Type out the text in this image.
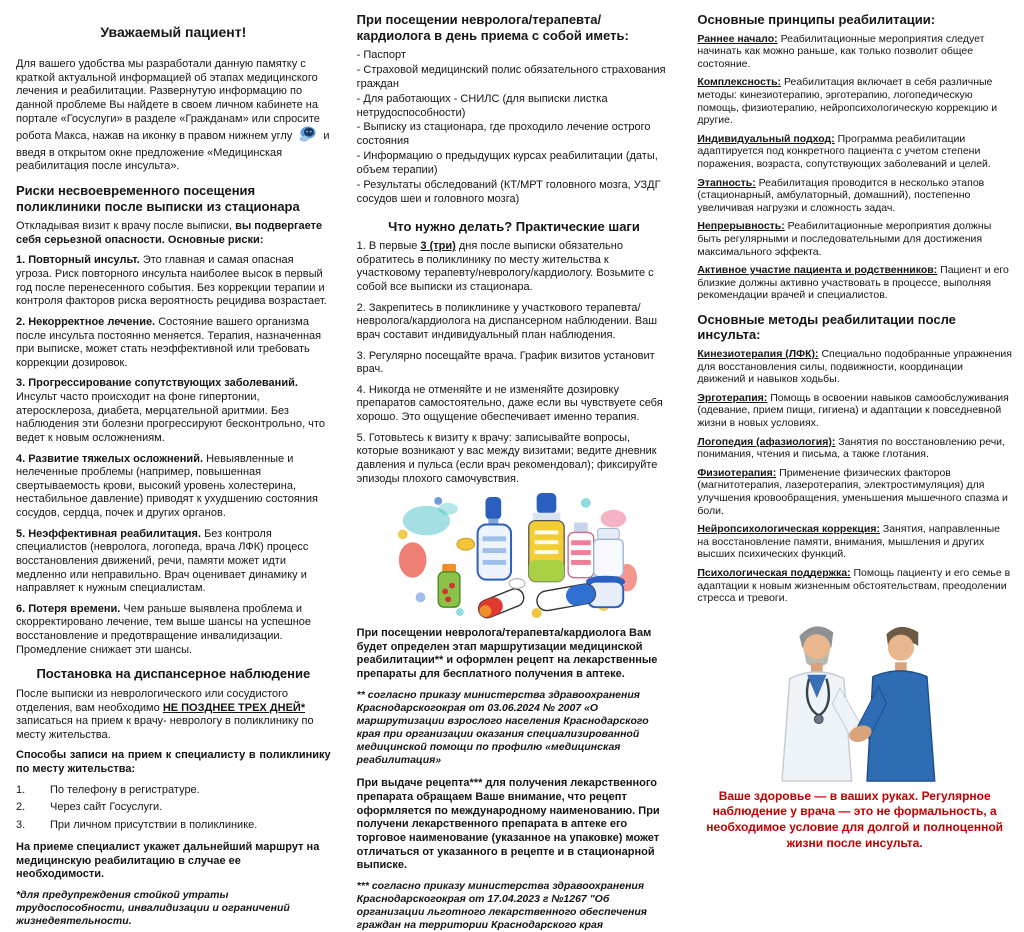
Уважаемый пациент!

Для вашего удобства мы разработали данную памятку с краткой актуальной информацией об этапах медицинского лечения и реабилитации. Развернутую информацию по данной проблеме Вы найдете в своем личном кабинете на портале «Госуслуги» в разделе «Гражданам» или спросите робота Макса, нажав на иконку в правом нижнем углу	и введя в открытом окне предложение «Медицинская реабилитация после инсульта».

Риски несвоевременного посещения поликлиники после выписки из стационара

Откладывая визит к врачу после выписки, вы подвергаете себя серьезной опасности. Основные риски:

1. Повторный инсульт. Это главная и самая опасная угроза. Риск повторного инсульта наиболее высок в первый год после перенесенного события. Без коррекции терапии и контроля факторов риска вероятность рецидива возрастает.

2. Некорректное лечение. Состояние вашего организма после инсульта постоянно меняется. Терапия, назначенная при выписке, может стать неэффективной или требовать коррекции дозировок.

3. Прогрессирование сопутствующих заболеваний. Инсульт часто происходит на фоне гипертонии, атеросклероза, диабета, мерцательной аритмии. Без наблюдения эти болезни прогрессируют бесконтрольно, что ведет к новым осложнениям.

4. Развитие тяжелых осложнений. Невыявленные и нелеченные проблемы (например, повышенная свертываемость крови, высокий уровень холестерина, нестабильное давление) приводят к ухудшению состояния сосудов, сердца, почек и других органов.

5. Неэффективная реабилитация. Без контроля специалистов (невролога, логопеда, врача ЛФК) процесс восстановления движений, речи, памяти может идти медленно или неправильно. Врач оценивает динамику и направляет к нужным специалистам.

6. Потеря времени. Чем раньше выявлена проблема и скорректировано лечение, тем выше шансы на успешное восстановление и предотвращение инвалидизации. Промедление снижает эти шансы.

Постановка на диспансерное наблюдение

После выписки из неврологического или сосудистого отделения, вам необходимо НЕ ПОЗДНЕЕ ТРЕХ ДНЕЙ* записаться на прием к врачу- неврологу в поликлинику по месту жительства.

Способы записи на прием к специалисту в поликлинику по месту жительства:

1.	По телефону в регистратуре.
2.	Через сайт Госуслуги.
3.	При личном присутствии в поликлинике.

На приеме специалист укажет дальнейший маршрут на медицинскую реабилитацию в случае ее необходимости.

*для предупреждения стойкой утраты трудоспособности, инвалидизации и ограничений жизнедеятельности.

При посещении невролога/терапевта/кардиолога в день приема с собой иметь:

- Паспорт

- Страховой медицинский полис обязательного страхования граждан

- Для работающих - СНИЛС (для выписки листка нетрудоспособности)

- Выписку из стационара, где проходило лечение острого состояния

- Информацию о предыдущих курсах реабилитации (даты, объем терапии)

- Результаты обследований (КТ/МРТ головного мозга, УЗДГ сосудов шеи и головного мозга)

Что нужно делать? Практические шаги

1. В первые 3 (три) дня после выписки обязательно обратитесь в поликлинику по месту жительства к участковому терапевту/неврологу/кардиологу. Возьмите с собой все выписки из стационара.

2. Закрепитесь в поликлинике у участкового терапевта/невролога/кардиолога на диспансерном наблюдении. Ваш врач составит индивидуальный план наблюдения.

3. Регулярно посещайте врача. График визитов установит врач.

4. Никогда не отменяйте и не изменяйте дозировку препаратов самостоятельно, даже если вы чувствуете себя хорошо. Это ощущение обеспечивает именно терапия.

5. Готовьтесь к визиту к врачу: записывайте вопросы, которые возникают у вас между визитами; ведите дневник давления и пульса (если врач рекомендовал); фиксируйте эпизоды плохого самочувствия.

При посещении невролога/терапевта/кардиолога Вам будет определен этап маршрутизации медицинской реабилитации** и оформлен рецепт на лекарственные препараты для бесплатного получения в аптеке.

** согласно приказу министерства здравоохранения Краснодарскогокрая от 03.06.2024 № 2007 «О маршрутизации взрослого населения Краснодарского края при организации оказания специализированной медицинской помощи по профилю «медицинская реабилитация»

При выдаче рецепта*** для получения лекарственного препарата обращаем Ваше внимание, что рецепт оформляется по международному наименованию. При получени лекарственного препарата в аптеке его торговое наименование (указанное на упаковке) может отличаться от указанного в рецепте и в стационарной выписке.

*** согласно приказу министерства здравоохранения Краснодарскогокрая от 17.04.2023 г №1267 "Об организации льготного лекарственного обеспечения граждан на территории Краснодарского края

Основные принципы реабилитации:

Раннее начало: Реабилитационные мероприятия следует начинать как можно раньше, как только позволит общее состояние.

Комплексность: Реабилитация включает в себя различные методы: кинезиотерапию, эрготерапию, логопедическую помощь, физиотерапию, нейропсихологическую коррекцию и другие.

Индивидуальный подход: Программа реабилитации адаптируется под конкретного пациента с учетом степени поражения, возраста, сопутствующих заболеваний и целей.

Этапность: Реабилитация проводится в несколько этапов (стационарный, амбулаторный, домашний), постепенно увеличивая нагрузки и сложность задач.

Непрерывность: Реабилитационные мероприятия должны быть регулярными и последовательными для достижения максимального эффекта.

Активное участие пациента и родственников: Пациент и его близкие должны активно участвовать в процессе, выполняя рекомендации врачей и специалистов.

Основные методы реабилитации после инсульта:

Кинезиотерапия (ЛФК): Специально подобранные упражнения для восстановления силы, подвижности, координации движений и навыков ходьбы.

Эрготерапия: Помощь в освоении навыков самообслуживания (одевание, прием пищи, гигиена) и адаптации к повседневной жизни в новых условиях.

Логопедия (афазиология): Занятия по восстановлению речи, понимания, чтения и письма, а также глотания.

Физиотерапия: Применение физических факторов (магнитотерапия, лазеротерапия, электростимуляция) для улучшения кровообращения, уменьшения мышечного спазма и боли.

Нейропсихологическая коррекция: Занятия, направленные на восстановление памяти, внимания, мышления и других высших психических функций.

Психологическая поддержка: Помощь пациенту и его семье в адаптации к новым жизненным обстоятельствам, преодолении стресса и тревоги.

Ваше здоровье — в ваших руках. Регулярное наблюдение у врача — это не формальность, а необходимое условие для долгой и полноценной жизни после инсульта.
